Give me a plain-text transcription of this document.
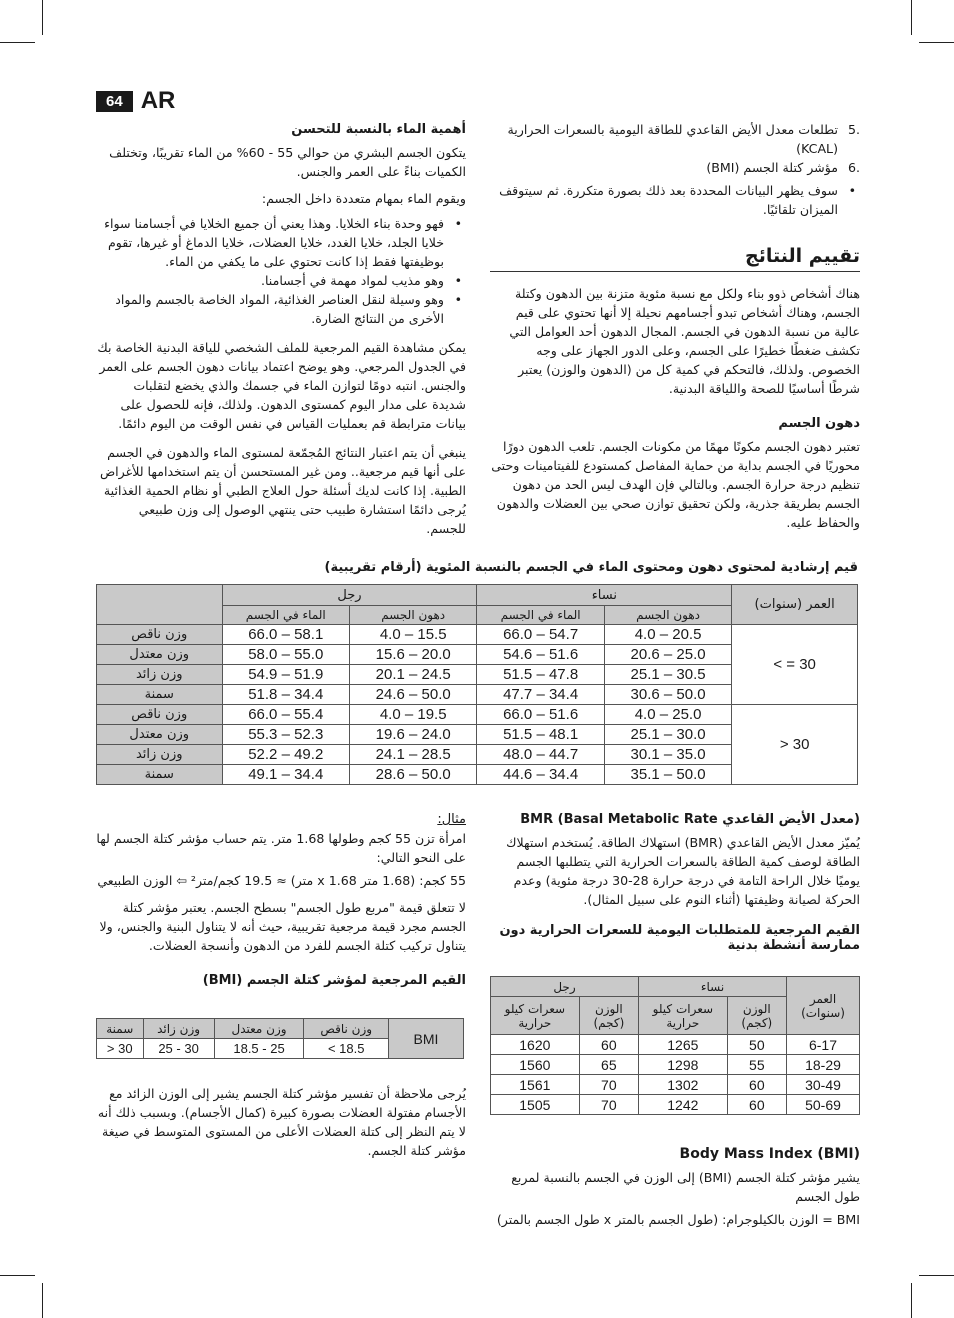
64 AR
.5
تطلعات معدل الأيض القاعدي للطاقة اليومية بالسعرات الحرارية (KCAL)
.6
مؤشر كتلة الجسم (BMI)
• سوف يظهر البيانات المحددة بعد ذلك بصورة متكررة. ثم سيتوقف الميزان تلقائيًا.
تقييم النتائج

هناك أشخاص ذوو بناء ولكل مع نسبة مئوية متزنة بين الدهون وكتلة الجسم، وهناك أشخاص تبدو أجسامهم نحيلة إلا أنها تحتوي على قيم عالية من نسبة الدهون في الجسم. المجال الدهون أحد العوامل التي تكشف ضغطًا خطيرًا على الجسم، وعلى الدور الجهاز على وجه الخصوص. ولذلك، فالتحكم في كمية كل من (الدهون والوزن) يعتبر شرطًا أساسيًا للصحة واللياقة البدنية.

دهون الجسم

تعتبر دهون الجسم مكونًا مهمًا من مكونات الجسم. تلعب الدهون دورًا محوريًا في الجسم بداية من حماية المفاصل كمستودع للفيتامينات وحتى تنظيم درجة حرارة الجسم. وبالتالي فإن الهدف ليس الحد من دهون الجسم بطريقة جذرية، ولكن تحقيق توازن صحي بين العضلات والدهون والحفاظ عليه.

أهمية الماء بالنسبة للتحسن

يتكون الجسم البشري من حوالي 55 - 60% من الماء تقريبًا، وتختلف الكميات بناءً على العمر والجنس.

ويقوم الماء بمهام متعددة داخل الجسم:

• فهو وحدة بناء الخلايا. وهذا يعني أن جميع الخلايا في أجسامنا سواء خلايا الجلد، خلايا الغدد، خلايا العضلات، خلايا الدماغ أو غيرها، تقوم بوظيفتها فقط إذا كانت تحتوي على ما يكفي من الماء.
• وهو مذيب لمواد مهمة في أجسامنا.
• وهو وسيلة لنقل العناصر الغذائية، المواد الخاصة بالجسم والمواد الأخرى من النتائج الضارة.

يمكن مشاهدة القيم المرجعية للملف الشخصي للياقة البدنية الخاصة بك في الجدول المرجعي. وهو يوضح اعتماد بيانات دهون الجسم على العمر والجنس. انتبه دومًا لتوازن الماء في جسمك والذي يخضع لتقلبات شديدة على مدار اليوم كمستوى الدهون. ولذلك، فإنه للحصول على بيانات مترابطة قم بعمليات القياس في نفس الوقت من اليوم دائمًا.

ينبغي أن يتم اعتبار النتائج المُجمّعة لمستوى الماء والدهون في الجسم على أنها قيم مرجعية.. ومن غير المستحسن أن يتم استخدامها للأغراض الطبية. إذا كانت لديك أسئلة حول العلاج الطبي أو نظام الحمية الغذائية يُرجى دائمًا استشارة طبيب حتى ينتهي الوصول إلى وزن طبيعي للجسم.

قيم إرشادية لمحتوى دهون ومحتوى الماء في الجسم بالنسبة المئوية (أرقام تقريبية)
العمر (سنوات)	نساء		رجل		
	دهون الجسم	الماء في الجسم	دهون الجسم	الماء في الجسم	
30 = >	20.5 – 4.0	54.7 – 66.0	15.5 – 4.0	58.1 – 66.0	وزن ناقص
	25.0 – 20.6	51.6 – 54.6	20.0 – 15.6	55.0 – 58.0	وزن معتدل
	30.5 – 25.1	47.8 – 51.5	24.5 – 20.1	51.9 – 54.9	وزن زائد
	50.0 – 30.6	34.4 – 47.7	50.0 – 24.6	34.4 – 51.8	سمنة
30 <	25.0 – 4.0	51.6 – 66.0	19.5 – 4.0	55.4 – 66.0	وزن ناقص
	30.0 – 25.1	48.1 – 51.5	24.0 – 19.6	52.3 – 55.3	وزن معتدل
	35.0 – 30.1	44.7 – 48.0	28.5 – 24.1	49.2 – 52.2	وزن زائد
	50.0 – 35.1	34.4 – 44.6	50.0 – 28.6	34.4 – 49.1	سمنة
(معدل الأيض القاعدي Basal Metabolic Rate) BMR

يُميّز معدل الأيض القاعدي (BMR) استهلاك الطاقة. يُستخدم استهلاك الطاقة لوصف كمية الطاقة بالسعرات الحرارية التي يتطلبها الجسم يوميًا خلال الراحة التامة في درجة حرارة 28-30 درجة مئوية) وعدم الحركة لصيانة وظيفتها (أثناء النوم على سبيل المثال).

القيم المرجعية للمتطلبات اليومية للسعرات الحرارية دون ممارسة أنشطة بدنية
العمر (سنوات)	نساء		رجل	
	الوزن (كجم)	سعرات كيلو حرارية	الوزن (كجم)	سعرات كيلو حرارية
6-17	50	1265	60	1620
18-29	55	1298	65	1560
30-49	60	1302	70	1561
50-69	60	1242	70	1505
(BMI) Body Mass Index

يشير مؤشر كتلة الجسم (BMI) إلى الوزن في الجسم بالنسبة لمربع طول الجسم

BMI = الوزن بالكيلوجرام: (طول الجسم بالمتر x طول الجسم بالمتر)

مثال:

امرأة تزن 55 كجم وطولها 1.68 متر. يتم حساب مؤشر كتلة الجسم لها على النحو التالي:

55 كجم: (1.68 متر x 1.68 متر) ≈ 19.5 كجم/متر² ⇦ الوزن الطبيعي

لا تتعلق قيمة "مربع طول الجسم" بسطح الجسم. يعتبر مؤشر كتلة الجسم مجرد قيمة مرجعية تقريبية، حيث أنه لا يتناول البنية والجنس، ولا يتناول تركيب كتلة الجسم للفرد من الدهون وأنسجة العضلات.

القيم المرجعية لمؤشر كتلة الجسم (BMI)
BMI	وزن ناقص	وزن معتدل	وزن زائد	سمنة
	18.5 >	25 - 18.5	30 - 25	30 <

يُرجى ملاحظة أن تفسير مؤشر كتلة الجسم يشير إلى الوزن الزائد مع الأجسام مفتولة العضلات بصورة كبيرة (كمال الأجسام). وبسبب ذلك أنه لا يتم النظر إلى كتلة العضلات الأعلى من المستوى المتوسط في صيغة مؤشر كتلة الجسم.
